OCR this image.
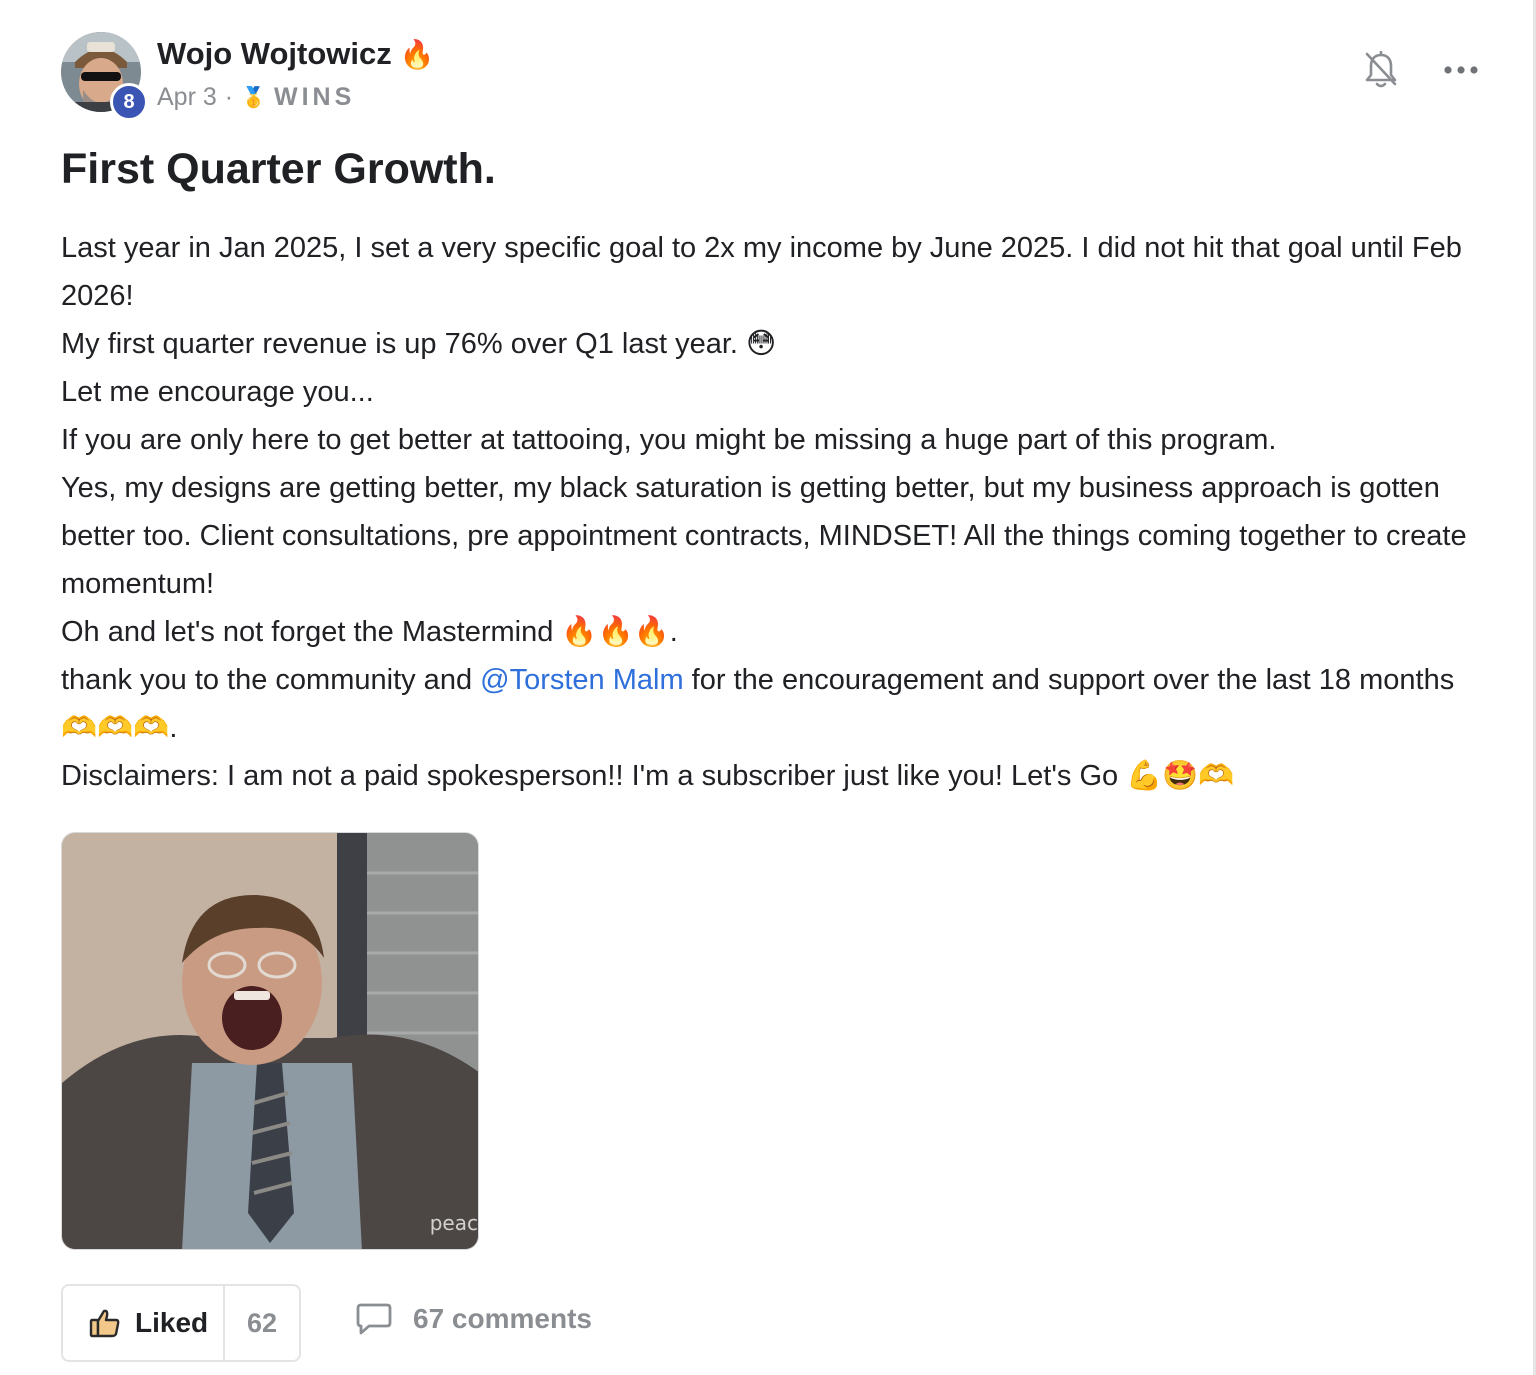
8
Wojo Wojtowicz 🔥
Apr 3 · 🥇 WINS
First Quarter Growth.

Last year in Jan 2025, I set a very specific goal to 2x my income by June 2025. I did not hit that goal until Feb 2026!

My first quarter revenue is up 76% over Q1 last year. 😳

Let me encourage you...

If you are only here to get better at tattooing, you might be missing a huge part of this program.

Yes, my designs are getting better, my black saturation is getting better, but my business approach is gotten better too. Client consultations, pre appointment contracts, MINDSET! All the things coming together to create momentum!

Oh and let's not forget the Mastermind 🔥🔥🔥.

thank you to the community and @Torsten Malm for the encouragement and support over the last 18 months 🫶🫶🫶.

Disclaimers: I am not a paid spokesperson!! I'm a subscriber just like you! Let's Go 💪🤩🫶

peac
Liked	62	67 comments
